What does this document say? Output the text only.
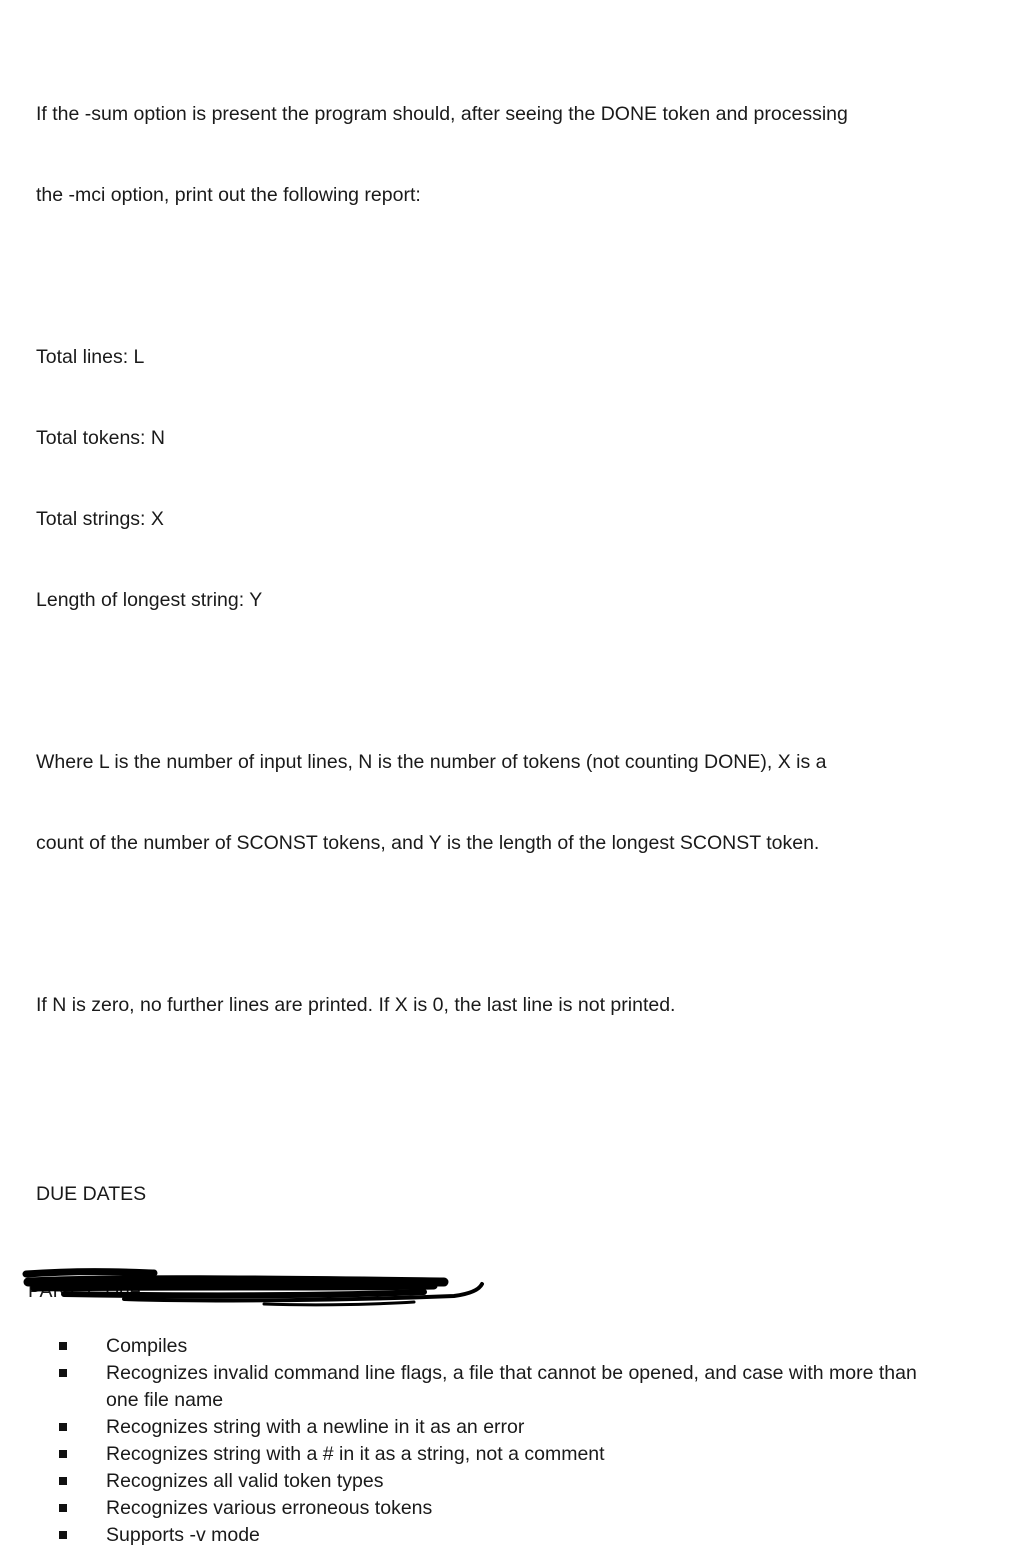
If the -sum option is present the program should, after seeing the DONE token and processing

the -mci option, print out the following report:

Total lines: L

Total tokens: N

Total strings: X

Length of longest string: Y

Where L is the number of input lines, N is the number of tokens (not counting DONE), X is a

count of the number of SCONST tokens, and Y is the length of the longest SCONST token.

If N is zero, no further lines are printed. If X is 0, the last line is not printed.

DUE DATES

PART 1: Due
Compiles
Recognizes invalid command line flags, a file that cannot be opened, and case with more than one file name
Recognizes string with a newline in it as an error
Recognizes string with a # in it as a string, not a comment
Recognizes all valid token types
Recognizes various erroneous tokens
Supports -v mode
